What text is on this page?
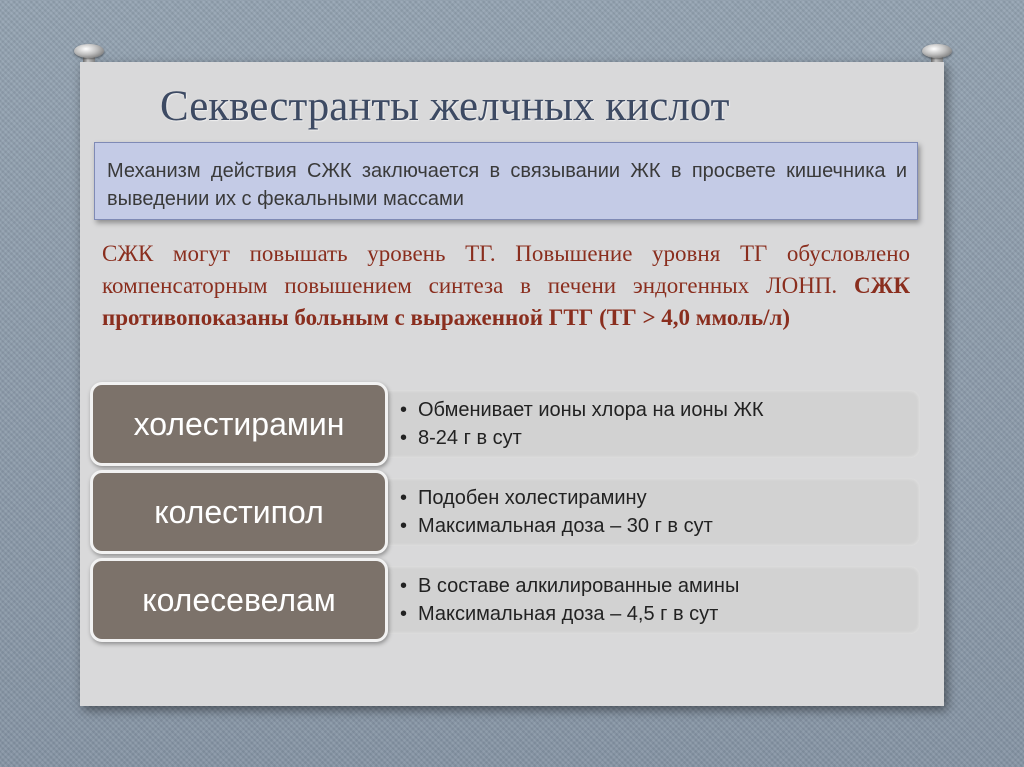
Секвестранты желчных кислот
Механизм действия СЖК заключается в связывании ЖК в просвете кишечника и выведении их с фекальными массами
СЖК могут повышать уровень ТГ. Повышение уровня ТГ обусловлено компенсаторным повышением синтеза в печени эндогенных ЛОНП. СЖК противопоказаны больным с выраженной ГТГ (ТГ > 4,0 ммоль/л)
холестирамин	• Обменивает ионы хлора на ионы ЖК
• 8-24 г в сут
колестипол	• Подобен холестирамину
• Максимальная доза – 30 г в сут
колесевелам	• В составе алкилированные амины
• Максимальная доза – 4,5 г в сут
